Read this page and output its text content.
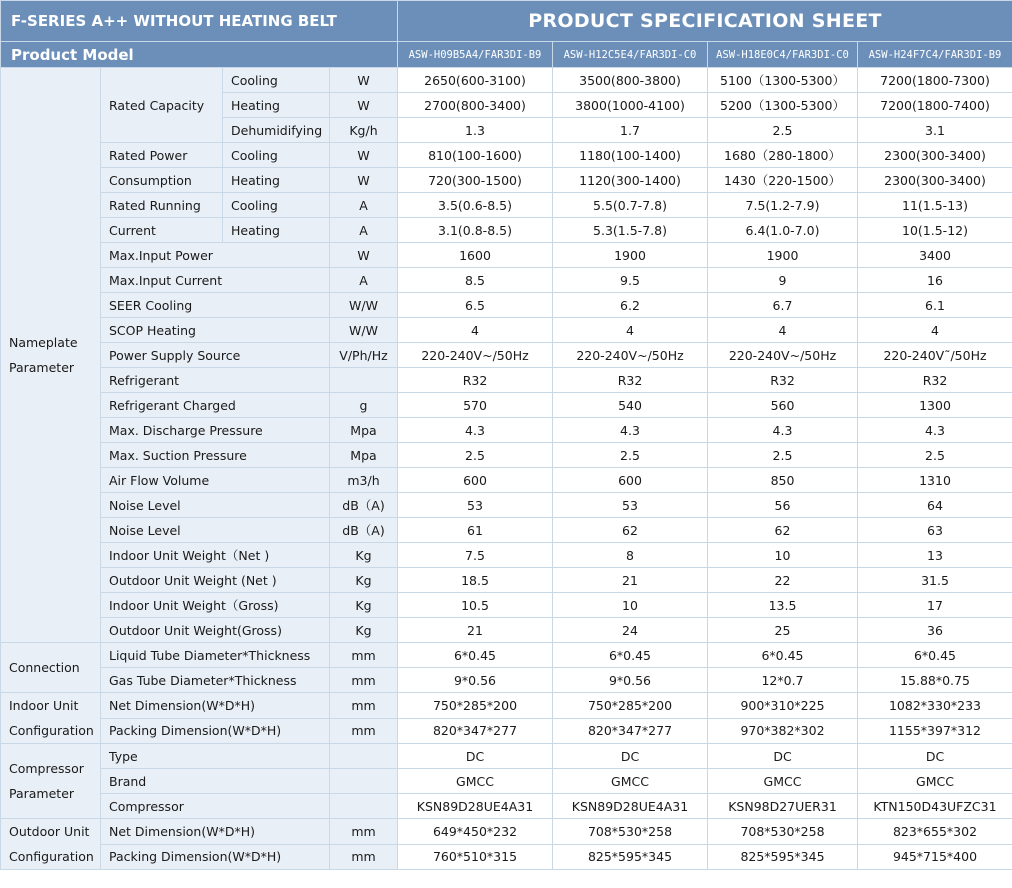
F-SERIES A++ WITHOUT HEATING BELT				PRODUCT SPECIFICATION SHEET			
Product Model				ASW-H09B5A4/FAR3DI-B9	ASW-H12C5E4/FAR3DI-C0	ASW-H18E0C4/FAR3DI-C0	ASW-H24F7C4/FAR3DI-B9

Nameplate
Parameter	Rated Capacity	Cooling	W	2650(600-3100)	3500(800-3800)	5100（1300-5300）	7200(1800-7300)
		Heating	W	2700(800-3400)	3800(1000-4100)	5200（1300-5300）	7200(1800-7400)
		Dehumidifying	Kg/h	1.3	1.7	2.5	3.1
	Rated Power	Cooling	W	810(100-1600)	1180(100-1400)	1680（280-1800）	2300(300-3400)
	Consumption	Heating	W	720(300-1500)	1120(300-1400)	1430（220-1500）	2300(300-3400)
	Rated Running	Cooling	A	3.5(0.6-8.5)	5.5(0.7-7.8)	7.5(1.2-7.9)	11(1.5-13)
	Current	Heating	A	3.1(0.8-8.5)	5.3(1.5-7.8)	6.4(1.0-7.0)	10(1.5-12)
	Max.Input Power		W	1600	1900	1900	3400
	Max.Input Current		A	8.5	9.5	9	16
	SEER Cooling		W/W	6.5	6.2	6.7	6.1
	SCOP Heating		W/W	4	4	4	4
	Power Supply Source		V/Ph/Hz	220-240V~/50Hz	220-240V~/50Hz	220-240V~/50Hz	220-240V˜/50Hz
	Refrigerant			R32	R32	R32	R32
	Refrigerant Charged		g	570	540	560	1300
	Max. Discharge Pressure		Mpa	4.3	4.3	4.3	4.3
	Max. Suction Pressure		Mpa	2.5	2.5	2.5	2.5
	Air Flow Volume		m3/h	600	600	850	1310
	Noise Level		dB（A)	53	53	56	64
	Noise Level		dB（A)	61	62	62	63
	Indoor Unit Weight（Net )		Kg	7.5	8	10	13
	Outdoor Unit Weight (Net )		Kg	18.5	21	22	31.5
	Indoor Unit Weight（Gross)		Kg	10.5	10	13.5	17
	Outdoor Unit Weight(Gross)		Kg	21	24	25	36

Connection	Liquid Tube Diameter*Thickness		mm	6*0.45	6*0.45	6*0.45	6*0.45
	Gas Tube Diameter*Thickness		mm	9*0.56	9*0.56	12*0.7	15.88*0.75

Indoor Unit
Configuration	Net Dimension(W*D*H)		mm	750*285*200	750*285*200	900*310*225	1082*330*233
	Packing Dimension(W*D*H)		mm	820*347*277	820*347*277	970*382*302	1155*397*312

Compressor
Parameter	Type			DC	DC	DC	DC
	Brand			GMCC	GMCC	GMCC	GMCC
	Compressor			KSN89D28UE4A31	KSN89D28UE4A31	KSN98D27UER31	KTN150D43UFZC31

Outdoor Unit
Configuration	Net Dimension(W*D*H)		mm	649*450*232	708*530*258	708*530*258	823*655*302
	Packing Dimension(W*D*H)		mm	760*510*315	825*595*345	825*595*345	945*715*400
